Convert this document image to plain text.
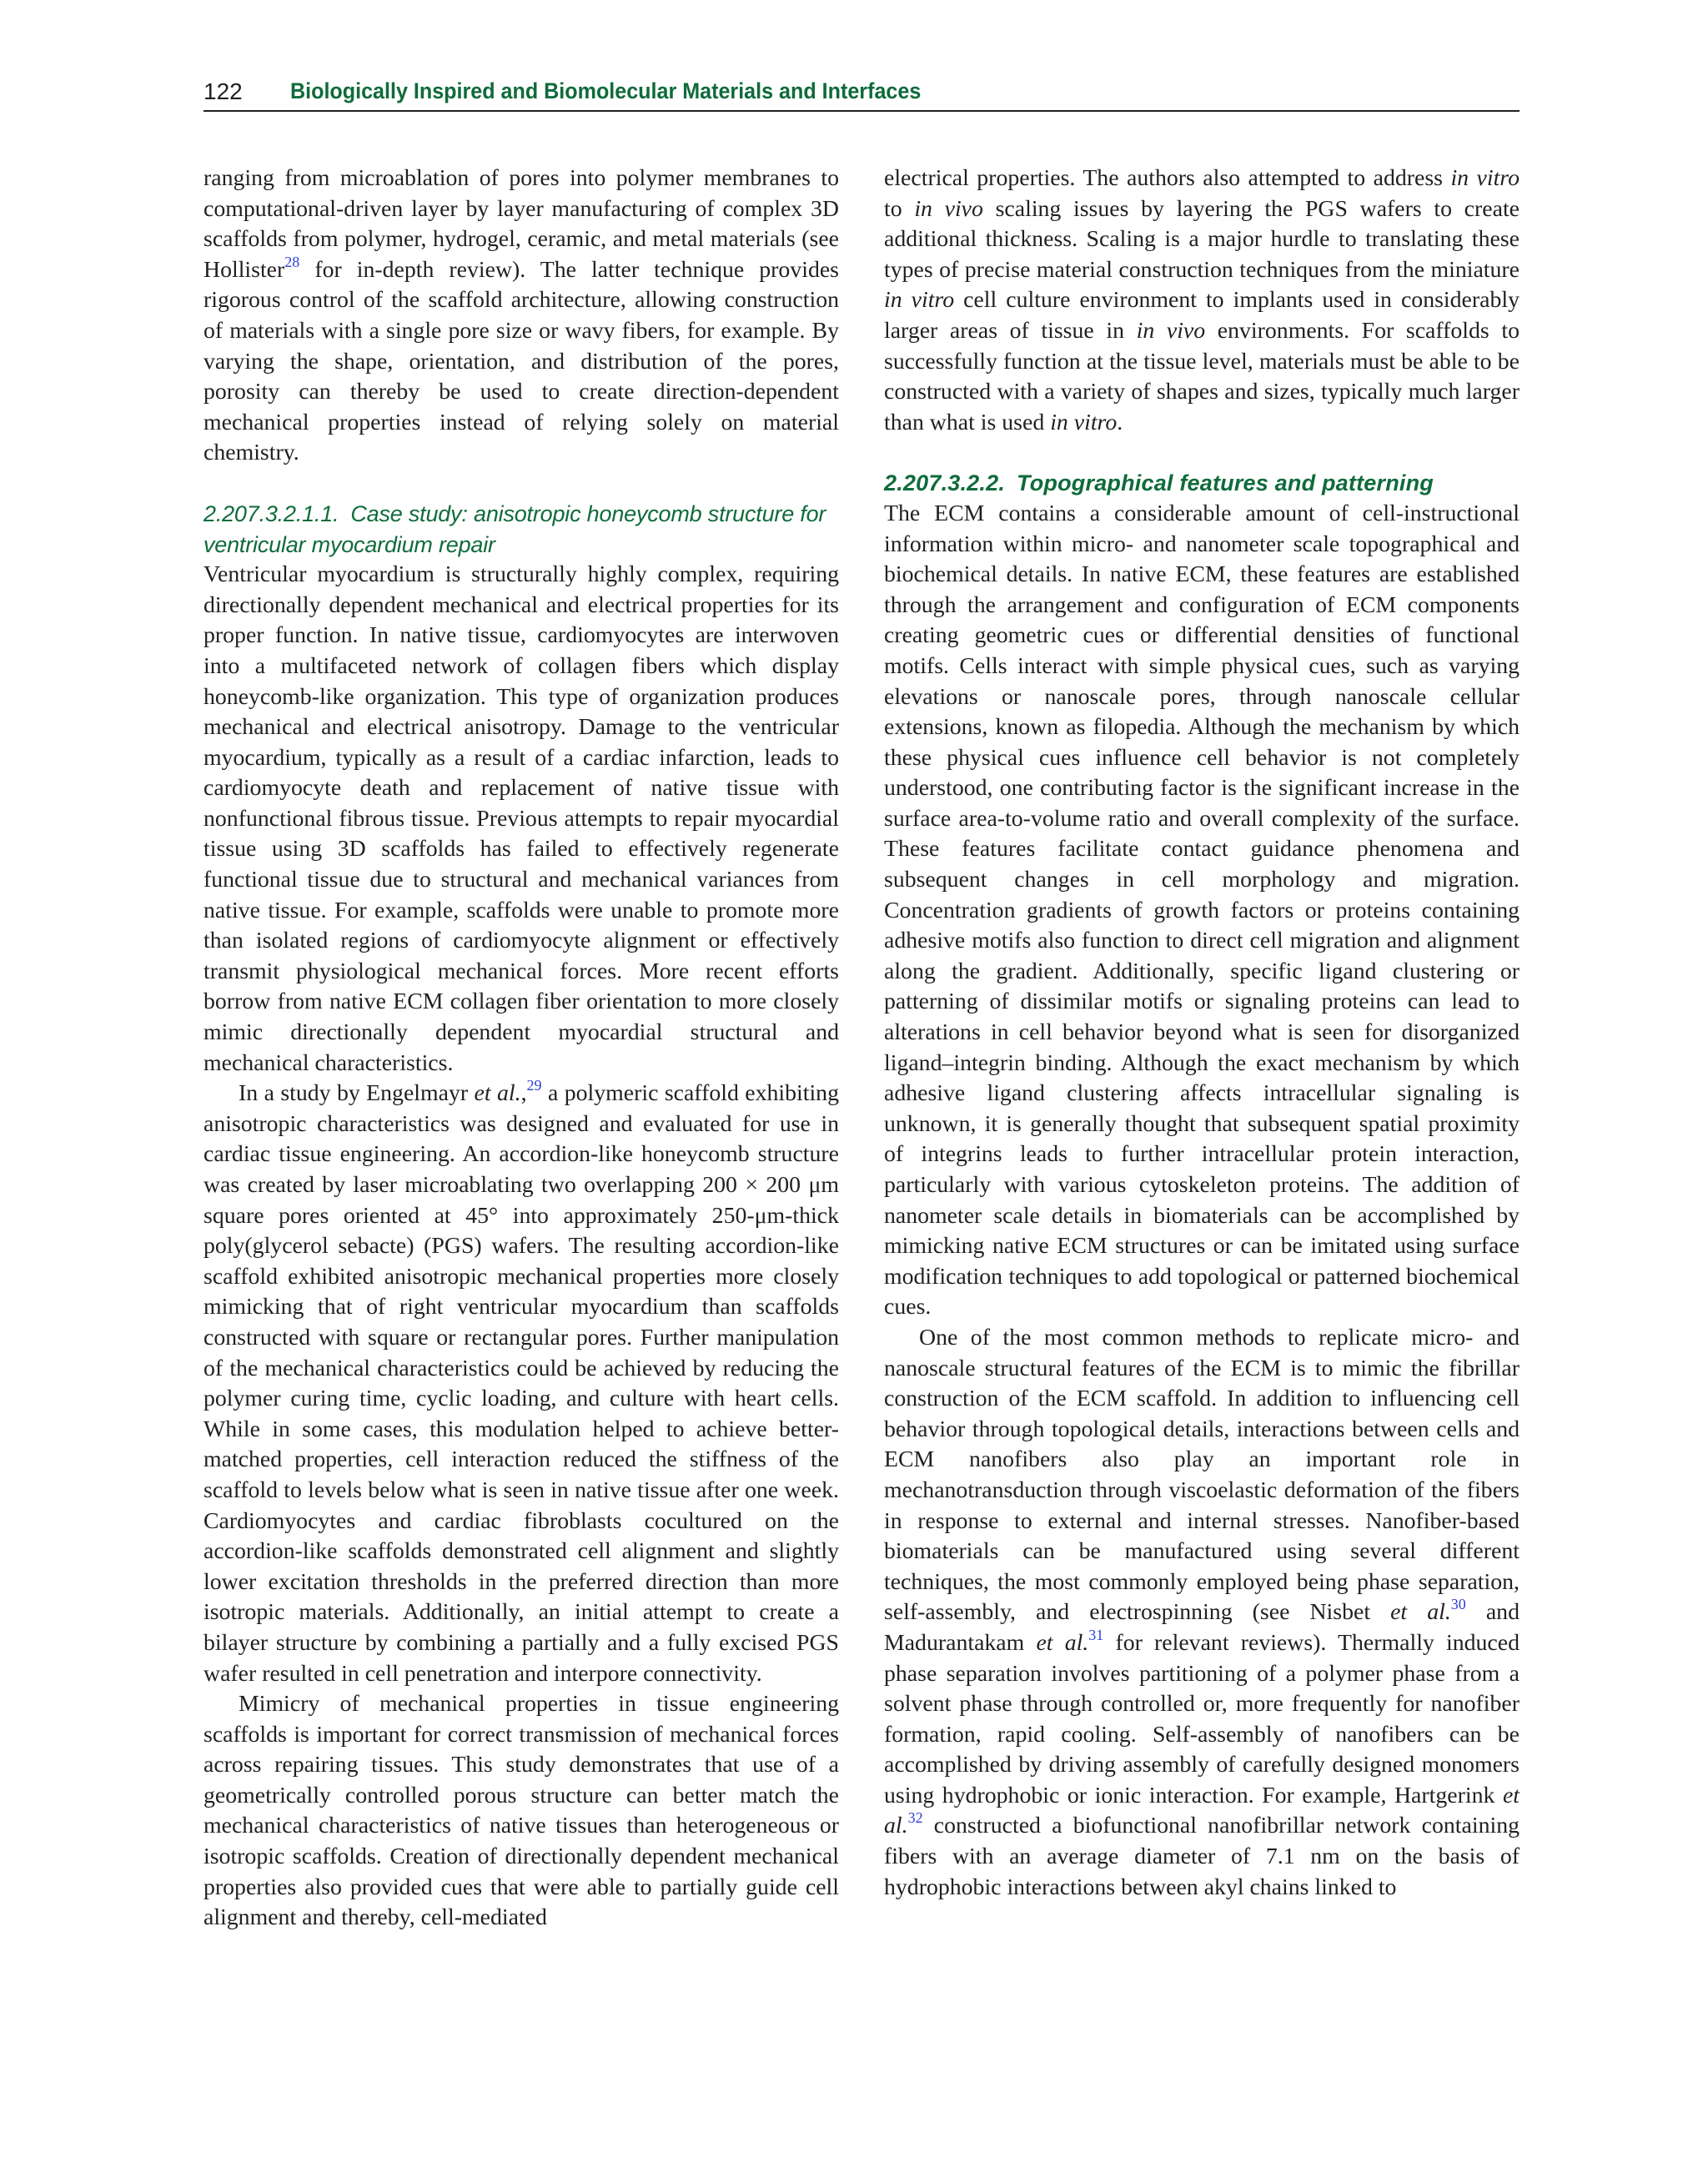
122 Biologically Inspired and Biomolecular Materials and Interfaces

ranging from microablation of pores into polymer membranes to computational-driven layer by layer manufacturing of complex 3D scaffolds from polymer, hydrogel, ceramic, and metal materials (see Hollister$^{28}$ for in-depth review). The latter technique provides rigorous control of the scaffold architecture, allowing construction of materials with a single pore size or wavy fibers, for example. By varying the shape, orientation, and distribution of the pores, porosity can thereby be used to create direction-dependent mechanical properties instead of relying solely on material chemistry.

2.207.3.2.1.1. Case study: anisotropic honeycomb structure for ventricular myocardium repair

Ventricular myocardium is structurally highly complex, requiring directionally dependent mechanical and electrical properties for its proper function. In native tissue, cardiomyocytes are interwoven into a multifaceted network of collagen fibers which display honeycomb-like organization. This type of organization produces mechanical and electrical anisotropy. Damage to the ventricular myocardium, typically as a result of a cardiac infarction, leads to cardiomyocyte death and replacement of native tissue with nonfunctional fibrous tissue. Previous attempts to repair myocardial tissue using 3D scaffolds has failed to effectively regenerate functional tissue due to structural and mechanical variances from native tissue. For example, scaffolds were unable to promote more than isolated regions of cardiomyocyte alignment or effectively transmit physiological mechanical forces. More recent efforts borrow from native ECM collagen fiber orientation to more closely mimic directionally dependent myocardial structural and mechanical characteristics.

In a study by Engelmayr et al.,$^{29}$ a polymeric scaffold exhibiting anisotropic characteristics was designed and evaluated for use in cardiac tissue engineering. An accordion-like honeycomb structure was created by laser microablating two overlapping 200 × 200 μm square pores oriented at 45° into approximately 250-μm-thick poly(glycerol sebacte) (PGS) wafers. The resulting accordion-like scaffold exhibited anisotropic mechanical properties more closely mimicking that of right ventricular myocardium than scaffolds constructed with square or rectangular pores. Further manipulation of the mechanical characteristics could be achieved by reducing the polymer curing time, cyclic loading, and culture with heart cells. While in some cases, this modulation helped to achieve better-matched properties, cell interaction reduced the stiffness of the scaffold to levels below what is seen in native tissue after one week. Cardiomyocytes and cardiac fibroblasts cocultured on the accordion-like scaffolds demonstrated cell alignment and slightly lower excitation thresholds in the preferred direction than more isotropic materials. Additionally, an initial attempt to create a bilayer structure by combining a partially and a fully excised PGS wafer resulted in cell penetration and interpore connectivity.

Mimicry of mechanical properties in tissue engineering scaffolds is important for correct transmission of mechanical forces across repairing tissues. This study demonstrates that use of a geometrically controlled porous structure can better match the mechanical characteristics of native tissues than heterogeneous or isotropic scaffolds. Creation of directionally dependent mechanical properties also provided cues that were able to partially guide cell alignment and thereby, cell-mediated

electrical properties. The authors also attempted to address in vitro to in vivo scaling issues by layering the PGS wafers to create additional thickness. Scaling is a major hurdle to translating these types of precise material construction techniques from the miniature in vitro cell culture environment to implants used in considerably larger areas of tissue in in vivo environments. For scaffolds to successfully function at the tissue level, materials must be able to be constructed with a variety of shapes and sizes, typically much larger than what is used in vitro.

2.207.3.2.2. Topographical features and patterning

The ECM contains a considerable amount of cell-instructional information within micro- and nanometer scale topographical and biochemical details. In native ECM, these features are established through the arrangement and configuration of ECM components creating geometric cues or differential densities of functional motifs. Cells interact with simple physical cues, such as varying elevations or nanoscale pores, through nanoscale cellular extensions, known as filopedia. Although the mechanism by which these physical cues influence cell behavior is not completely understood, one contributing factor is the significant increase in the surface area-to-volume ratio and overall complexity of the surface. These features facilitate contact guidance phenomena and subsequent changes in cell morphology and migration. Concentration gradients of growth factors or proteins containing adhesive motifs also function to direct cell migration and alignment along the gradient. Additionally, specific ligand clustering or patterning of dissimilar motifs or signaling proteins can lead to alterations in cell behavior beyond what is seen for disorganized ligand–integrin binding. Although the exact mechanism by which adhesive ligand clustering affects intracellular signaling is unknown, it is generally thought that subsequent spatial proximity of integrins leads to further intracellular protein interaction, particularly with various cytoskeleton proteins. The addition of nanometer scale details in biomaterials can be accomplished by mimicking native ECM structures or can be imitated using surface modification techniques to add topological or patterned biochemical cues.

One of the most common methods to replicate micro- and nanoscale structural features of the ECM is to mimic the fibrillar construction of the ECM scaffold. In addition to influencing cell behavior through topological details, interactions between cells and ECM nanofibers also play an important role in mechanotransduction through viscoelastic deformation of the fibers in response to external and internal stresses. Nanofiber-based biomaterials can be manufactured using several different techniques, the most commonly employed being phase separation, self-assembly, and electrospinning (see Nisbet et al.$^{30}$ and Madurantakam et al.$^{31}$ for relevant reviews). Thermally induced phase separation involves partitioning of a polymer phase from a solvent phase through controlled or, more frequently for nanofiber formation, rapid cooling. Self-assembly of nanofibers can be accomplished by driving assembly of carefully designed monomers using hydrophobic or ionic interaction. For example, Hartgerink et al.$^{32}$ constructed a biofunctional nanofibrillar network containing fibers with an average diameter of 7.1 nm on the basis of hydrophobic interactions between akyl chains linked to
